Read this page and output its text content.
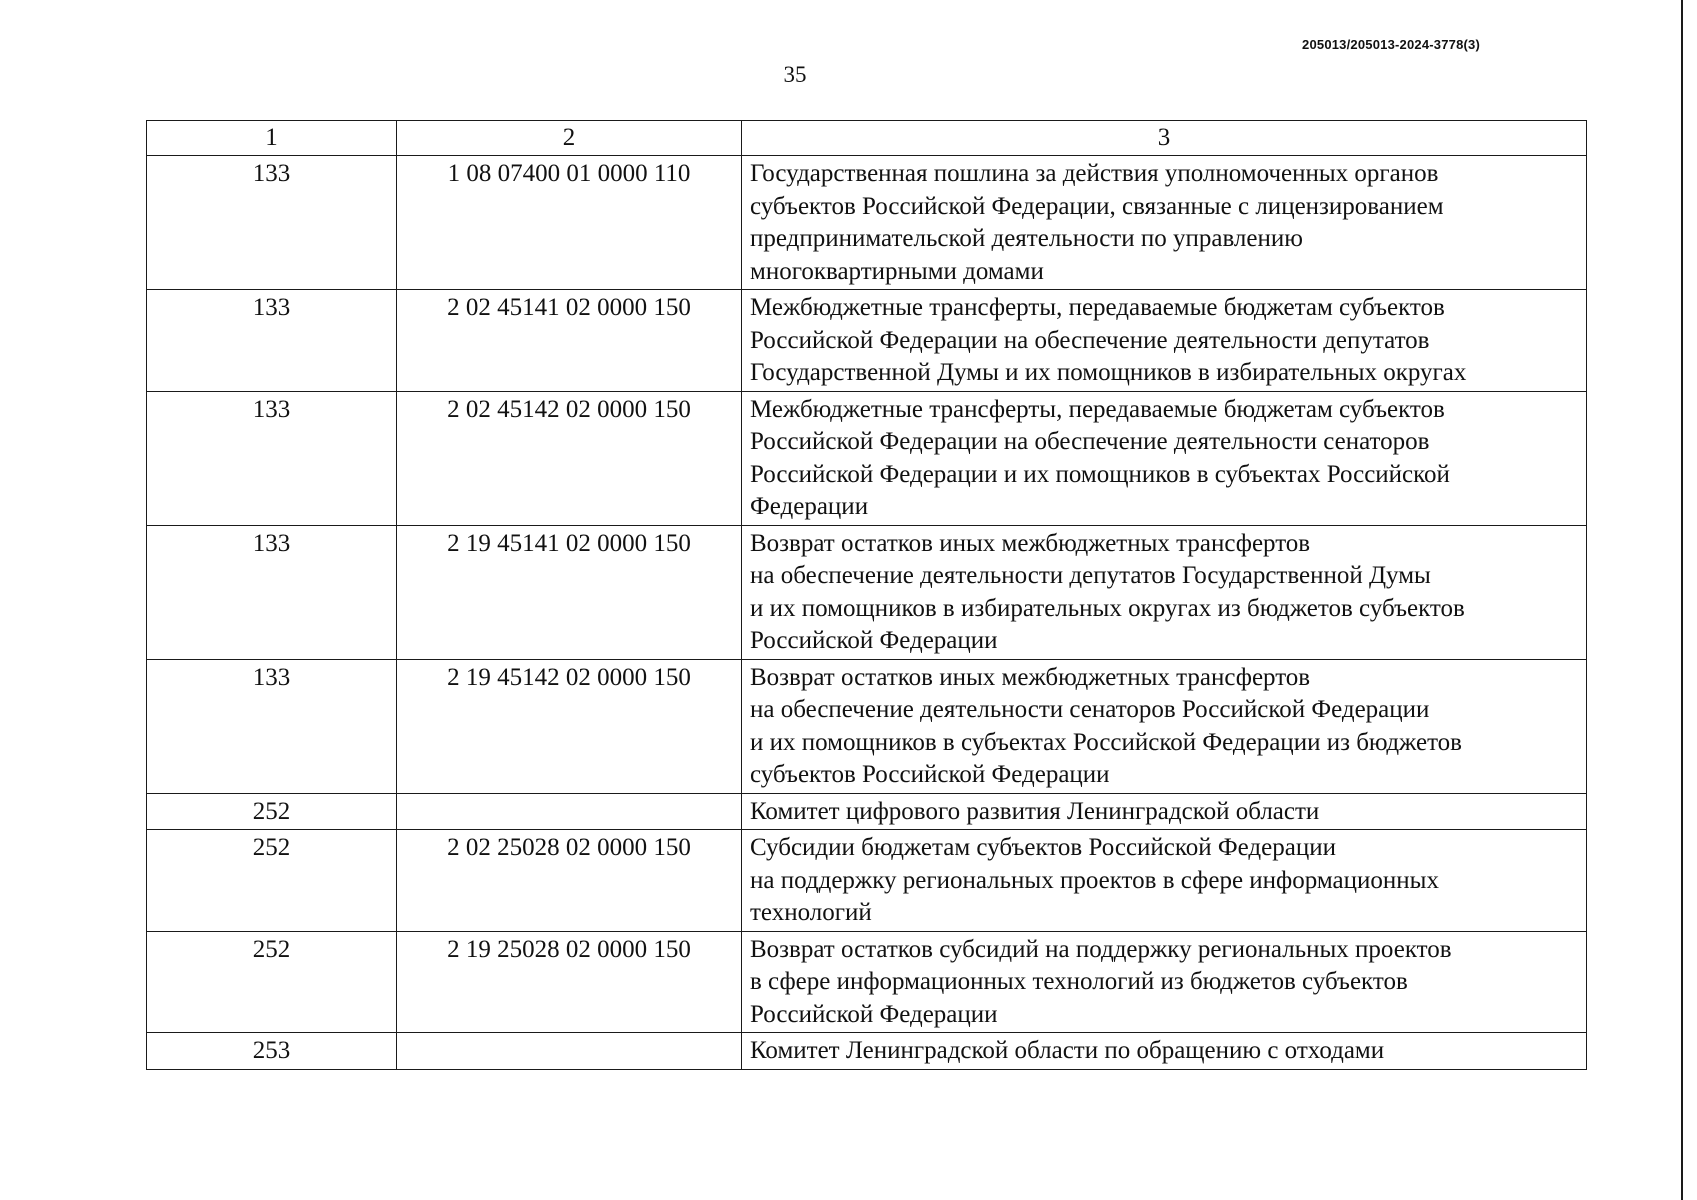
205013/205013-2024-3778(3)
35
1	2	3
133	1 08 07400 01 0000 110	Государственная пошлина за действия уполномоченных органов
субъектов Российской Федерации, связанные с лицензированием
предпринимательской деятельности по управлению
многоквартирными домами

133	2 02 45141 02 0000 150	Межбюджетные трансферты, передаваемые бюджетам субъектов
Российской Федерации на обеспечение деятельности депутатов
Государственной Думы и их помощников в избирательных округах

133	2 02 45142 02 0000 150	Межбюджетные трансферты, передаваемые бюджетам субъектов
Российской Федерации на обеспечение деятельности сенаторов
Российской Федерации и их помощников в субъектах Российской
Федерации

133	2 19 45141 02 0000 150	Возврат остатков иных межбюджетных трансфертов
на обеспечение деятельности депутатов Государственной Думы
и их помощников в избирательных округах из бюджетов субъектов
Российской Федерации

133	2 19 45142 02 0000 150	Возврат остатков иных межбюджетных трансфертов
на обеспечение деятельности сенаторов Российской Федерации
и их помощников в субъектах Российской Федерации из бюджетов
субъектов Российской Федерации

252		Комитет цифрового развития Ленинградской области

252	2 02 25028 02 0000 150	Субсидии бюджетам субъектов Российской Федерации
на поддержку региональных проектов в сфере информационных
технологий

252	2 19 25028 02 0000 150	Возврат остатков субсидий на поддержку региональных проектов
в сфере информационных технологий из бюджетов субъектов
Российской Федерации

253		Комитет Ленинградской области по обращению с отходами
